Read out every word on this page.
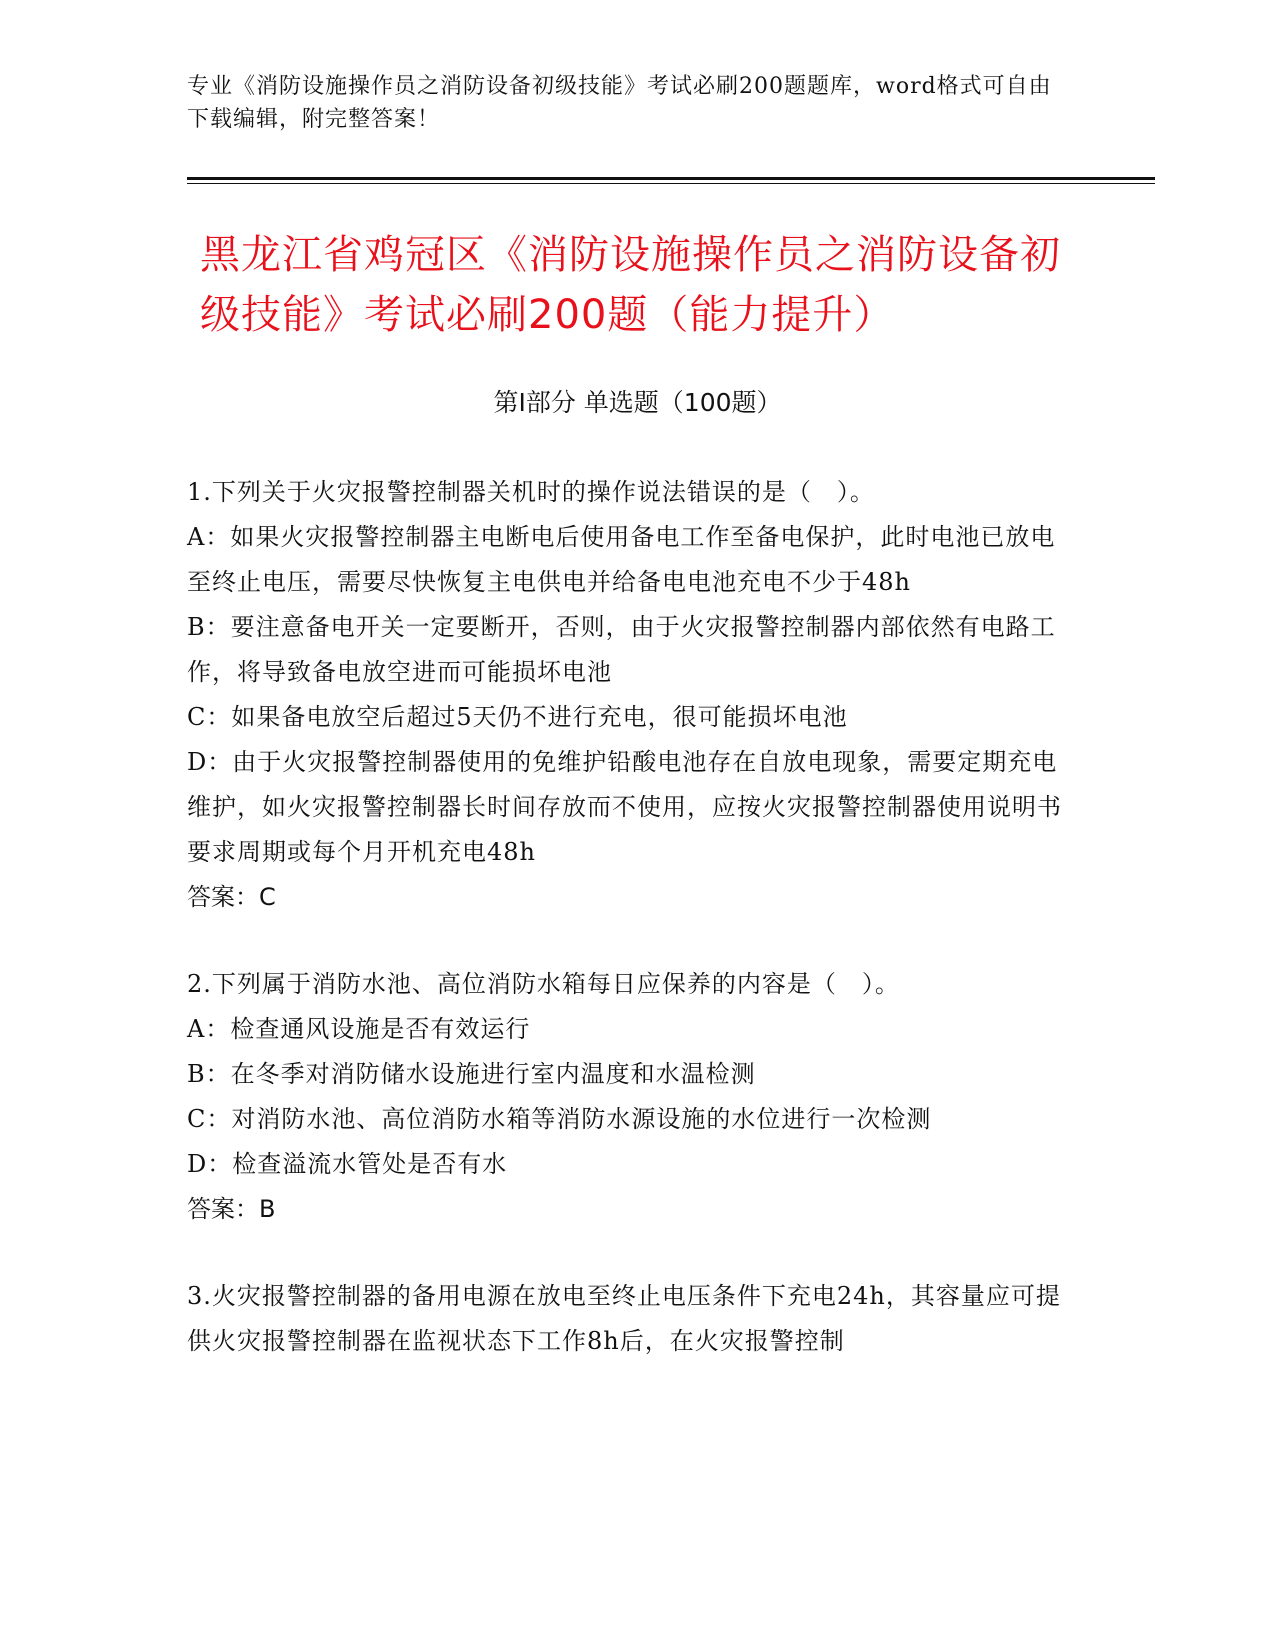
专业《消防设施操作员之消防设备初级技能》考试必刷200题题库，word格式可自由下载编辑，附完整答案！
黑龙江省鸡冠区《消防设施操作员之消防设备初级技能》考试必刷200题（能力提升）
第Ⅰ部分 单选题（100题）
1.下列关于火灾报警控制器关机时的操作说法错误的是（　）。
A：如果火灾报警控制器主电断电后使用备电工作至备电保护，此时电池已放电至终止电压，需要尽快恢复主电供电并给备电电池充电不少于48h
B：要注意备电开关一定要断开，否则，由于火灾报警控制器内部依然有电路工作，将导致备电放空进而可能损坏电池
C：如果备电放空后超过5天仍不进行充电，很可能损坏电池
D：由于火灾报警控制器使用的免维护铅酸电池存在自放电现象，需要定期充电维护，如火灾报警控制器长时间存放而不使用，应按火灾报警控制器使用说明书要求周期或每个月开机充电48h
答案：C
2.下列属于消防水池、高位消防水箱每日应保养的内容是（　）。
A：检查通风设施是否有效运行
B：在冬季对消防储水设施进行室内温度和水温检测
C：对消防水池、高位消防水箱等消防水源设施的水位进行一次检测
D：检查溢流水管处是否有水
答案：B
3.火灾报警控制器的备用电源在放电至终止电压条件下充电24h，其容量应可提供火灾报警控制器在监视状态下工作8h后，在火灾报警控制
